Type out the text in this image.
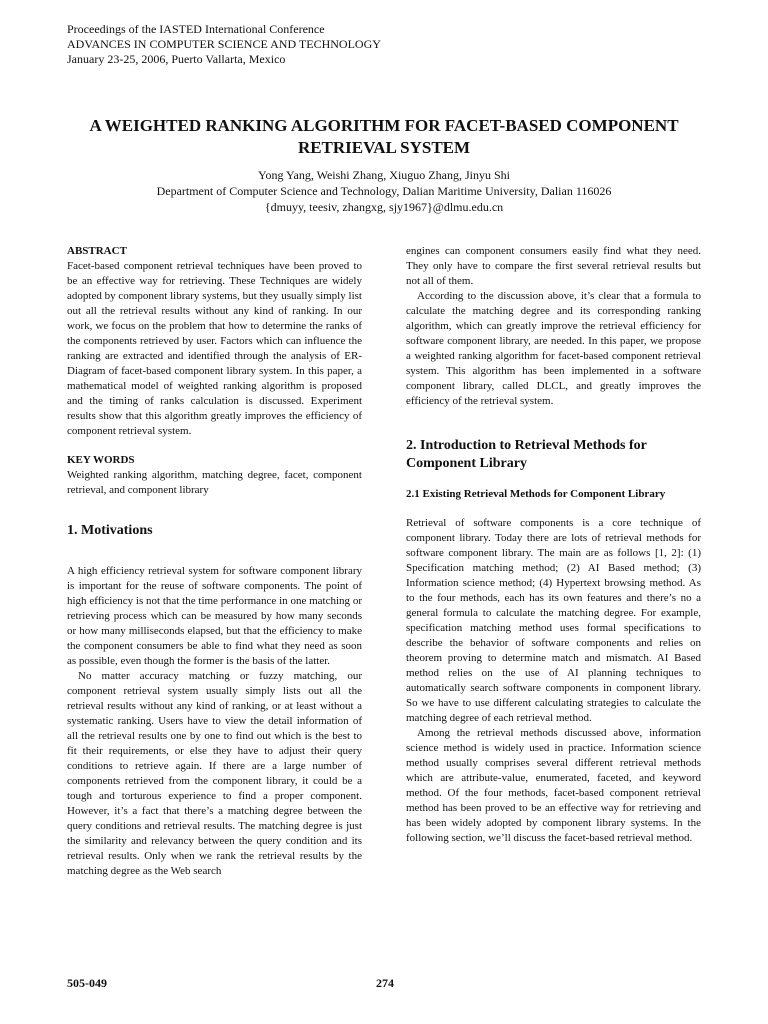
Proceedings of the IASTED International Conference
ADVANCES IN COMPUTER SCIENCE AND TECHNOLOGY
January 23-25, 2006, Puerto Vallarta, Mexico
A WEIGHTED RANKING ALGORITHM FOR FACET-BASED COMPONENT
RETRIEVAL SYSTEM
Yong Yang, Weishi Zhang, Xiuguo Zhang, Jinyu Shi
Department of Computer Science and Technology, Dalian Maritime University, Dalian 116026
{dmuyy, teesiv, zhangxg, sjy1967}@dlmu.edu.cn

ABSTRACT

Facet-based component retrieval techniques have been proved to be an effective way for retrieving. These Techniques are widely adopted by component library systems, but they usually simply list out all the retrieval results without any kind of ranking. In our work, we focus on the problem that how to determine the ranks of the components retrieved by user. Factors which can influence the ranking are extracted and identified through the analysis of ER-Diagram of facet-based component library system. In this paper, a mathematical model of weighted ranking algorithm is proposed and the timing of ranks calculation is discussed. Experiment results show that this algorithm greatly improves the efficiency of component retrieval system.

KEY WORDS

Weighted ranking algorithm, matching degree, facet, component retrieval, and component library

1. Motivations

A high efficiency retrieval system for software component library is important for the reuse of software components. The point of high efficiency is not that the time performance in one matching or retrieving process which can be measured by how many seconds or how many milliseconds elapsed, but that the efficiency to make the component consumers be able to find what they need as soon as possible, even though the former is the basis of the latter.

No matter accuracy matching or fuzzy matching, our component retrieval system usually simply lists out all the retrieval results without any kind of ranking, or at least without a systematic ranking. Users have to view the detail information of all the retrieval results one by one to find out which is the best to fit their requirements, or else they have to adjust their query conditions to retrieve again. If there are a large number of components retrieved from the component library, it could be a tough and torturous experience to find a proper component. However, it’s a fact that there’s a matching degree between the query conditions and retrieval results. The matching degree is just the similarity and relevancy between the query condition and its retrieval results. Only when we rank the retrieval results by the matching degree as the Web search

engines can component consumers easily find what they need. They only have to compare the first several retrieval results but not all of them.

According to the discussion above, it’s clear that a formula to calculate the matching degree and its corresponding ranking algorithm, which can greatly improve the retrieval efficiency for software component library, are needed. In this paper, we propose a weighted ranking algorithm for facet-based component retrieval system. This algorithm has been implemented in a software component library, called DLCL, and greatly improves the efficiency of the retrieval system.

2. Introduction to Retrieval Methods for Component Library

2.1 Existing Retrieval Methods for Component Library

Retrieval of software components is a core technique of component library. Today there are lots of retrieval methods for software component library. The main are as follows [1, 2]: (1) Specification matching method; (2) AI Based method; (3) Information science method; (4) Hypertext browsing method. As to the four methods, each has its own features and there’s no a general formula to calculate the matching degree. For example, specification matching method uses formal specifications to describe the behavior of software components and relies on theorem proving to determine match and mismatch. AI Based method relies on the use of AI planning techniques to automatically search software components in component library. So we have to use different calculating strategies to calculate the matching degree of each retrieval method.

Among the retrieval methods discussed above, information science method is widely used in practice. Information science method usually comprises several different retrieval methods which are attribute-value, enumerated, faceted, and keyword method. Of the four methods, facet-based component retrieval method has been proved to be an effective way for retrieving and has been widely adopted by component library systems. In the following section, we’ll discuss the facet-based retrieval method.

505-049	274
